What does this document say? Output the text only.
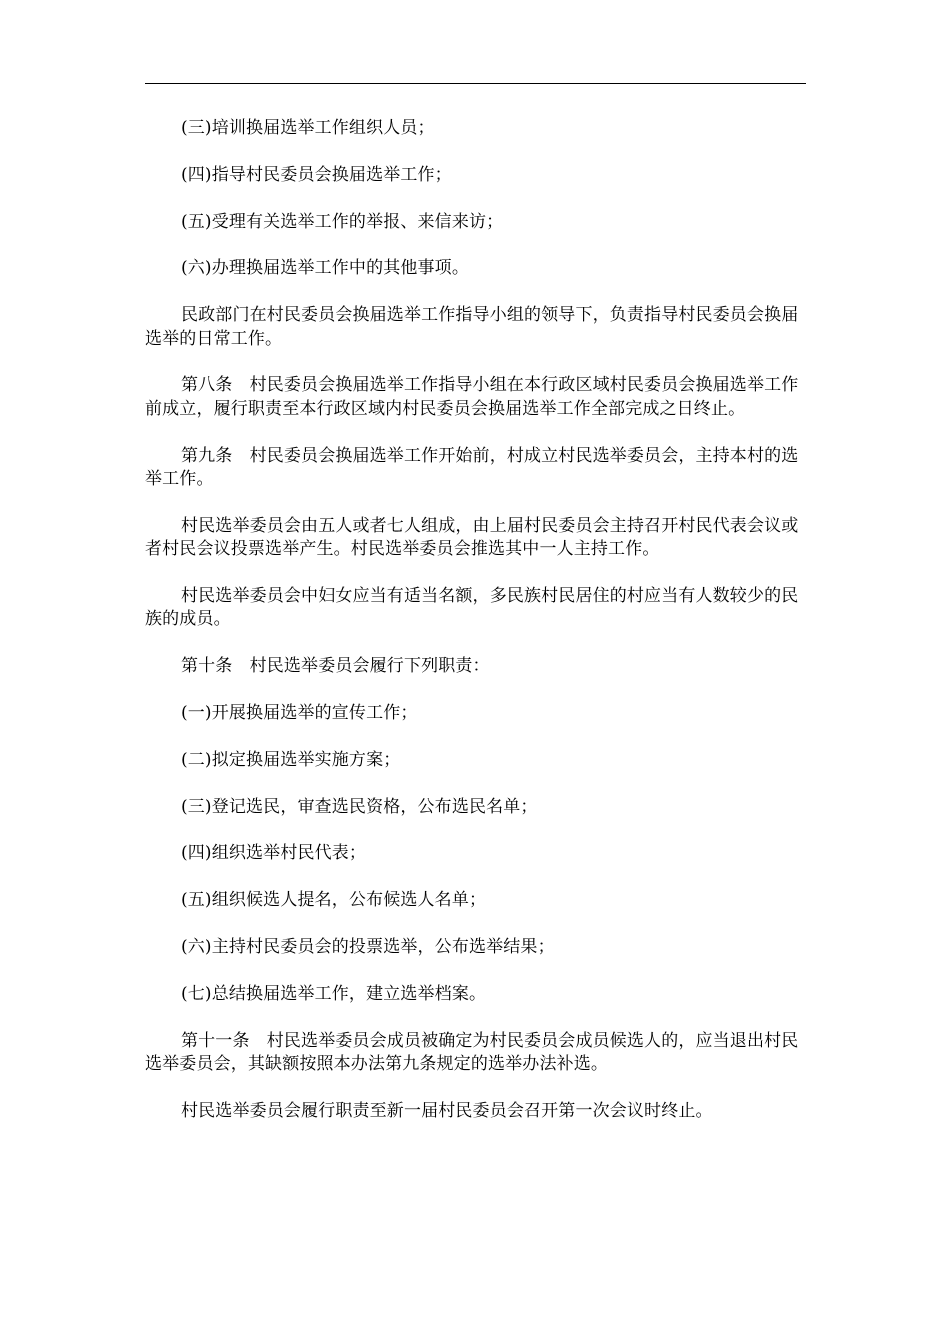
(三)培训换届选举工作组织人员；

(四)指导村民委员会换届选举工作；

(五)受理有关选举工作的举报、来信来访；

(六)办理换届选举工作中的其他事项。

民政部门在村民委员会换届选举工作指导小组的领导下，负责指导村民委员会换届选举的日常工作。

第八条　村民委员会换届选举工作指导小组在本行政区域村民委员会换届选举工作前成立，履行职责至本行政区域内村民委员会换届选举工作全部完成之日终止。

第九条　村民委员会换届选举工作开始前，村成立村民选举委员会，主持本村的选举工作。

村民选举委员会由五人或者七人组成，由上届村民委员会主持召开村民代表会议或者村民会议投票选举产生。村民选举委员会推选其中一人主持工作。

村民选举委员会中妇女应当有适当名额，多民族村民居住的村应当有人数较少的民族的成员。

第十条　村民选举委员会履行下列职责：

(一)开展换届选举的宣传工作；

(二)拟定换届选举实施方案；

(三)登记选民，审查选民资格，公布选民名单；

(四)组织选举村民代表；

(五)组织候选人提名，公布候选人名单；

(六)主持村民委员会的投票选举，公布选举结果；

(七)总结换届选举工作，建立选举档案。

第十一条　村民选举委员会成员被确定为村民委员会成员候选人的，应当退出村民选举委员会，其缺额按照本办法第九条规定的选举办法补选。

村民选举委员会履行职责至新一届村民委员会召开第一次会议时终止。
